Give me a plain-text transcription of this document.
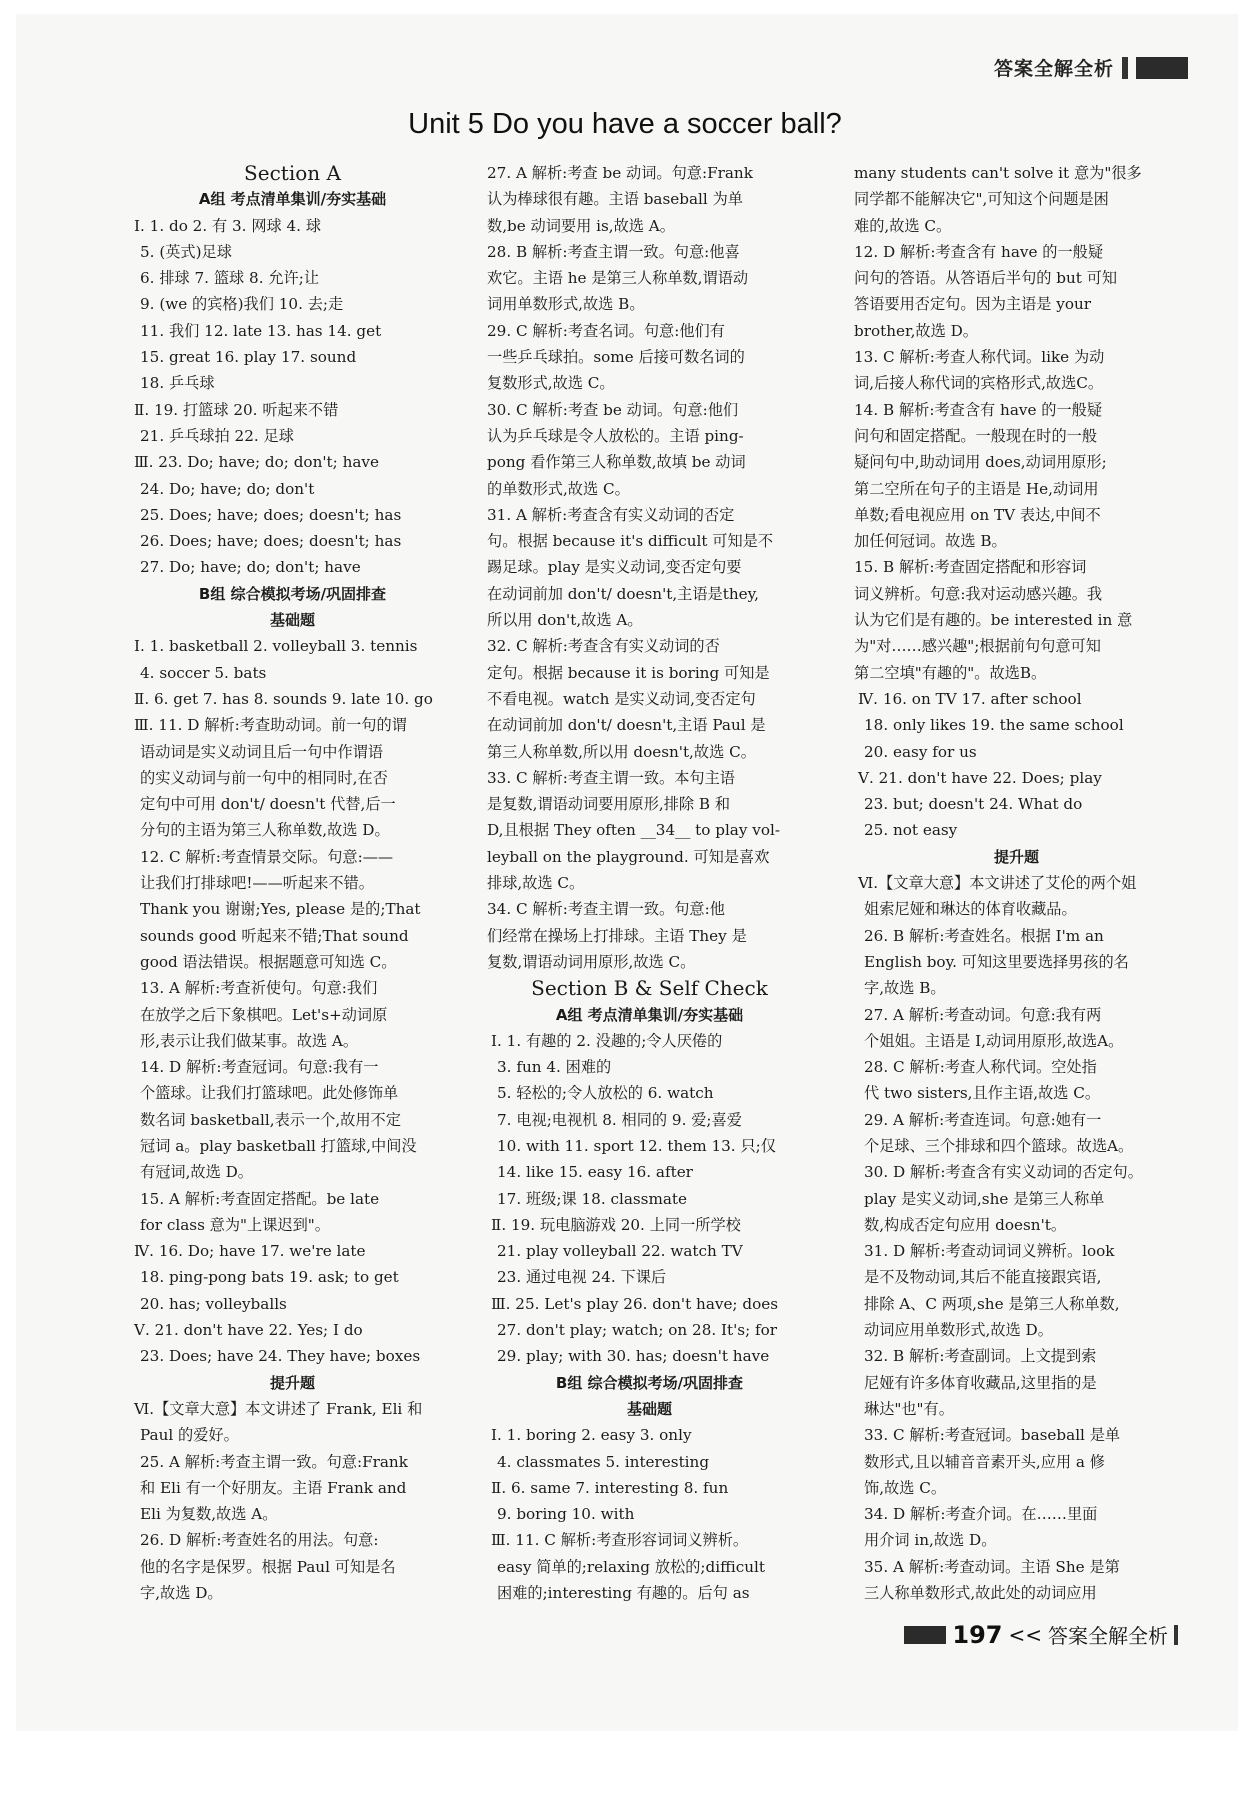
答案全解全析
Unit 5 Do you have a soccer ball?
Section A
A组 考点清单集训/夯实基础
Ⅰ. 1. do 2. 有 3. 网球 4. 球
5. (英式)足球
6. 排球 7. 篮球 8. 允许;让
9. (we 的宾格)我们 10. 去;走
11. 我们 12. late 13. has 14. get
15. great 16. play 17. sound
18. 乒乓球
Ⅱ. 19. 打篮球 20. 听起来不错
21. 乒乓球拍 22. 足球
Ⅲ. 23. Do; have; do; don't; have
24. Do; have; do; don't
25. Does; have; does; doesn't; has
26. Does; have; does; doesn't; has
27. Do; have; do; don't; have
B组 综合模拟考场/巩固排查
基础题
Ⅰ. 1. basketball 2. volleyball 3. tennis
4. soccer 5. bats
Ⅱ. 6. get 7. has 8. sounds 9. late 10. go
Ⅲ. 11. D 解析:考查助动词。前一句的谓
语动词是实义动词且后一句中作谓语
的实义动词与前一句中的相同时,在否
定句中可用 don't/ doesn't 代替,后一
分句的主语为第三人称单数,故选 D。
12. C 解析:考查情景交际。句意:——
让我们打排球吧!——听起来不错。
Thank you 谢谢;Yes, please 是的;That
sounds good 听起来不错;That sound
good 语法错误。根据题意可知选 C。
13. A 解析:考查祈使句。句意:我们
在放学之后下象棋吧。Let's+动词原
形,表示让我们做某事。故选 A。
14. D 解析:考查冠词。句意:我有一
个篮球。让我们打篮球吧。此处修饰单
数名词 basketball,表示一个,故用不定
冠词 a。play basketball 打篮球,中间没
有冠词,故选 D。
15. A 解析:考查固定搭配。be late
for class 意为"上课迟到"。
Ⅳ. 16. Do; have 17. we're late
18. ping-pong bats 19. ask; to get
20. has; volleyballs
Ⅴ. 21. don't have 22. Yes; I do
23. Does; have 24. They have; boxes
提升题
Ⅵ.【文章大意】本文讲述了 Frank, Eli 和
Paul 的爱好。
25. A 解析:考查主谓一致。句意:Frank
和 Eli 有一个好朋友。主语 Frank and
Eli 为复数,故选 A。
26. D 解析:考查姓名的用法。句意:
他的名字是保罗。根据 Paul 可知是名
字,故选 D。
27. A 解析:考查 be 动词。句意:Frank
认为棒球很有趣。主语 baseball 为单
数,be 动词要用 is,故选 A。
28. B 解析:考查主谓一致。句意:他喜
欢它。主语 he 是第三人称单数,谓语动
词用单数形式,故选 B。
29. C 解析:考查名词。句意:他们有
一些乒乓球拍。some 后接可数名词的
复数形式,故选 C。
30. C 解析:考查 be 动词。句意:他们
认为乒乓球是令人放松的。主语 ping-
pong 看作第三人称单数,故填 be 动词
的单数形式,故选 C。
31. A 解析:考查含有实义动词的否定
句。根据 because it's difficult 可知是不
踢足球。play 是实义动词,变否定句要
在动词前加 don't/ doesn't,主语是they,
所以用 don't,故选 A。
32. C 解析:考查含有实义动词的否
定句。根据 because it is boring 可知是
不看电视。watch 是实义动词,变否定句
在动词前加 don't/ doesn't,主语 Paul 是
第三人称单数,所以用 doesn't,故选 C。
33. C 解析:考查主谓一致。本句主语
是复数,谓语动词要用原形,排除 B 和
D,且根据 They often __34__ to play vol-
leyball on the playground. 可知是喜欢
排球,故选 C。
34. C 解析:考查主谓一致。句意:他
们经常在操场上打排球。主语 They 是
复数,谓语动词用原形,故选 C。
Section B & Self Check
A组 考点清单集训/夯实基础
Ⅰ. 1. 有趣的 2. 没趣的;令人厌倦的
3. fun 4. 困难的
5. 轻松的;令人放松的 6. watch
7. 电视;电视机 8. 相同的 9. 爱;喜爱
10. with 11. sport 12. them 13. 只;仅
14. like 15. easy 16. after
17. 班级;课 18. classmate
Ⅱ. 19. 玩电脑游戏 20. 上同一所学校
21. play volleyball 22. watch TV
23. 通过电视 24. 下课后
Ⅲ. 25. Let's play 26. don't have; does
27. don't play; watch; on 28. It's; for
29. play; with 30. has; doesn't have
B组 综合模拟考场/巩固排查
基础题
Ⅰ. 1. boring 2. easy 3. only
4. classmates 5. interesting
Ⅱ. 6. same 7. interesting 8. fun
9. boring 10. with
Ⅲ. 11. C 解析:考查形容词词义辨析。
easy 简单的;relaxing 放松的;difficult
困难的;interesting 有趣的。后句 as
many students can't solve it 意为"很多
同学都不能解决它",可知这个问题是困
难的,故选 C。
12. D 解析:考查含有 have 的一般疑
问句的答语。从答语后半句的 but 可知
答语要用否定句。因为主语是 your
brother,故选 D。
13. C 解析:考查人称代词。like 为动
词,后接人称代词的宾格形式,故选C。
14. B 解析:考查含有 have 的一般疑
问句和固定搭配。一般现在时的一般
疑问句中,助动词用 does,动词用原形;
第二空所在句子的主语是 He,动词用
单数;看电视应用 on TV 表达,中间不
加任何冠词。故选 B。
15. B 解析:考查固定搭配和形容词
词义辨析。句意:我对运动感兴趣。我
认为它们是有趣的。be interested in 意
为"对……感兴趣";根据前句句意可知
第二空填"有趣的"。故选B。
Ⅳ. 16. on TV 17. after school
18. only likes 19. the same school
20. easy for us
Ⅴ. 21. don't have 22. Does; play
23. but; doesn't 24. What do
25. not easy
提升题
Ⅵ.【文章大意】本文讲述了艾伦的两个姐
姐索尼娅和琳达的体育收藏品。
26. B 解析:考查姓名。根据 I'm an
English boy. 可知这里要选择男孩的名
字,故选 B。
27. A 解析:考查动词。句意:我有两
个姐姐。主语是 I,动词用原形,故选A。
28. C 解析:考查人称代词。空处指
代 two sisters,且作主语,故选 C。
29. A 解析:考查连词。句意:她有一
个足球、三个排球和四个篮球。故选A。
30. D 解析:考查含有实义动词的否定句。
play 是实义动词,she 是第三人称单
数,构成否定句应用 doesn't。
31. D 解析:考查动词词义辨析。look
是不及物动词,其后不能直接跟宾语,
排除 A、C 两项,she 是第三人称单数,
动词应用单数形式,故选 D。
32. B 解析:考查副词。上文提到索
尼娅有许多体育收藏品,这里指的是
琳达"也"有。
33. C 解析:考查冠词。baseball 是单
数形式,且以辅音音素开头,应用 a 修
饰,故选 C。
34. D 解析:考查介词。在……里面
用介词 in,故选 D。
35. A 解析:考查动词。主语 She 是第
三人称单数形式,故此处的动词应用
197 << 答案全解全析
